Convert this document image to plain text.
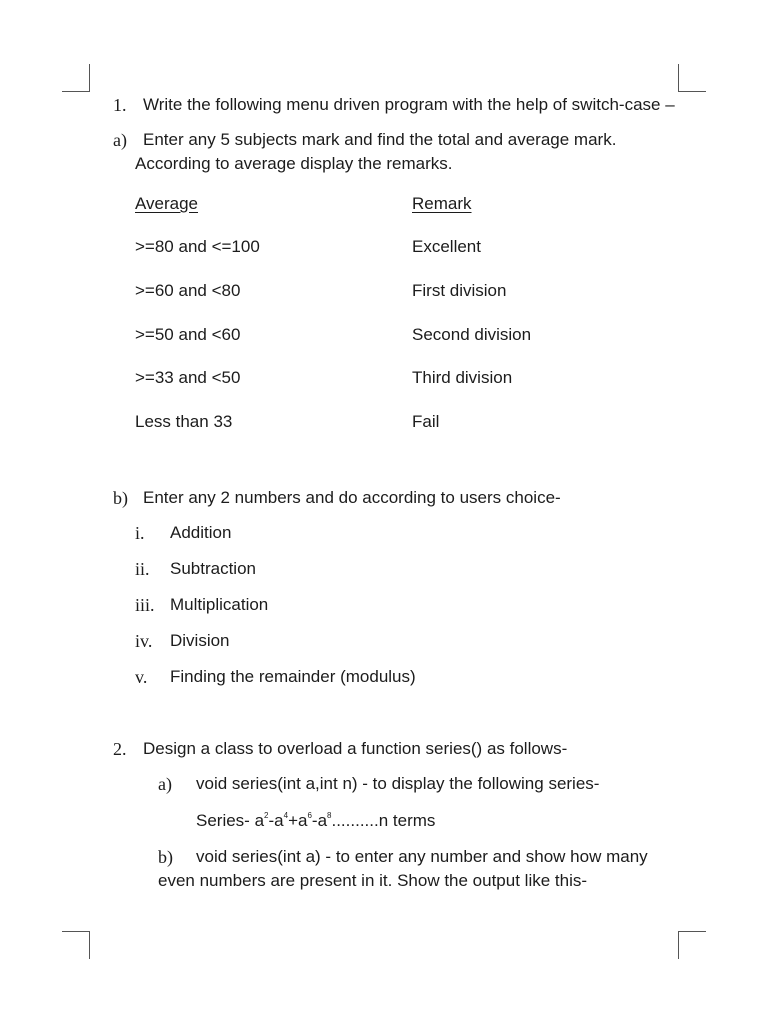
1. Write the following menu driven program with the help of switch-case –
a) Enter any 5 subjects mark and find the total and average mark.
According to average display the remarks.
Average	Remark
>=80 and <=100	Excellent
>=60 and <80	First division
>=50 and <60	Second division
>=33 and <50	Third division
Less than 33	Fail
b) Enter any 2 numbers and do according to users choice-
i. Addition
ii. Subtraction
iii. Multiplication
iv. Division
v. Finding the remainder (modulus)
2. Design a class to overload a function series() as follows-
a) void series(int a,int n) - to display the following series-
Series- $a^2-a^4+a^6-a^8..........n$ terms
b) void series(int a) - to enter any number and show how many
even numbers are present in it. Show the output like this-
